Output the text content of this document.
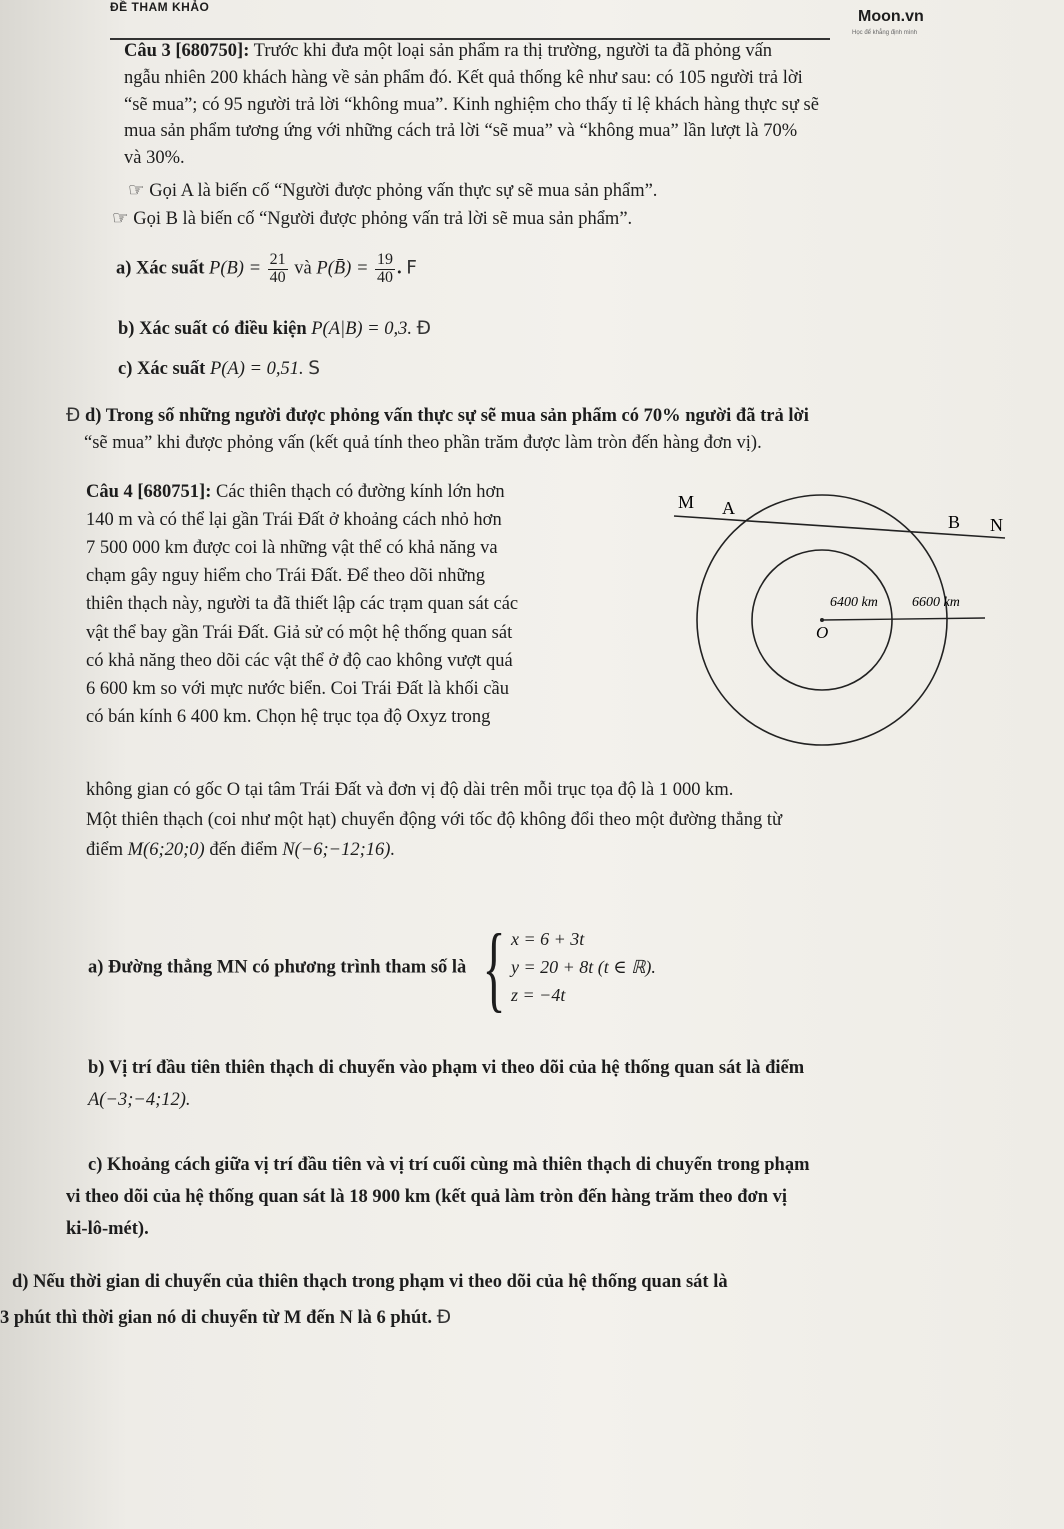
ĐỀ THAM KHẢO
Moon.vn
Học để khẳng định mình
Câu 3 [680750]: Trước khi đưa một loại sản phẩm ra thị trường, người ta đã phỏng vấn
ngẫu nhiên 200 khách hàng về sản phẩm đó. Kết quả thống kê như sau: có 105 người trả lời
“sẽ mua”; có 95 người trả lời “không mua”. Kinh nghiệm cho thấy tỉ lệ khách hàng thực sự sẽ
mua sản phẩm tương ứng với những cách trả lời “sẽ mua” và “không mua” lần lượt là 70%
và 30%.
☞ Gọi A là biến cố “Người được phỏng vấn thực sự sẽ mua sản phẩm”.
☞ Gọi B là biến cố “Người được phỏng vấn trả lời sẽ mua sản phẩm”.
a) Xác suất $P(B) = \frac{21}{40}$ và P(B̄) = $\frac{19}{40}$ . F
b) Xác suất có điều kiện P(A|B) = 0,3. Đ
c) Xác suất P(A) = 0,51. S
Đ d) Trong số những người được phỏng vấn thực sự sẽ mua sản phẩm có 70% người đã trả lời
“sẽ mua” khi được phỏng vấn (kết quả tính theo phần trăm được làm tròn đến hàng đơn vị).
Câu 4 [680751]: Các thiên thạch có đường kính lớn hơn
140 m và có thể lại gần Trái Đất ở khoảng cách nhỏ hơn
7 500 000 km được coi là những vật thể có khả năng va
chạm gây nguy hiểm cho Trái Đất. Để theo dõi những
thiên thạch này, người ta đã thiết lập các trạm quan sát các
vật thể bay gần Trái Đất. Giả sử có một hệ thống quan sát
có khả năng theo dõi các vật thể ở độ cao không vượt quá
6 600 km so với mực nước biển. Coi Trái Đất là khối cầu
có bán kính 6 400 km. Chọn hệ trục tọa độ Oxyz trong
M A
B N
O
6400 km 6600 km
không gian có gốc O tại tâm Trái Đất và đơn vị độ dài trên mỗi trục tọa độ là 1 000 km.
Một thiên thạch (coi như một hạt) chuyển động với tốc độ không đổi theo một đường thẳng từ
điểm M(6;20;0) đến điểm N(−6;−12;16).
a) Đường thẳng MN có phương trình tham số là { x = 6 + 3t
y = 20 + 8t (t ∈ ℝ).
z = −4t
b) Vị trí đầu tiên thiên thạch di chuyển vào phạm vi theo dõi của hệ thống quan sát là điểm
A(−3;−4;12).
c) Khoảng cách giữa vị trí đầu tiên và vị trí cuối cùng mà thiên thạch di chuyển trong phạm
vi theo dõi của hệ thống quan sát là 18 900 km (kết quả làm tròn đến hàng trăm theo đơn vị
ki-lô-mét).
d) Nếu thời gian di chuyển của thiên thạch trong phạm vi theo dõi của hệ thống quan sát là
3 phút thì thời gian nó di chuyển từ M đến N là 6 phút. Đ
